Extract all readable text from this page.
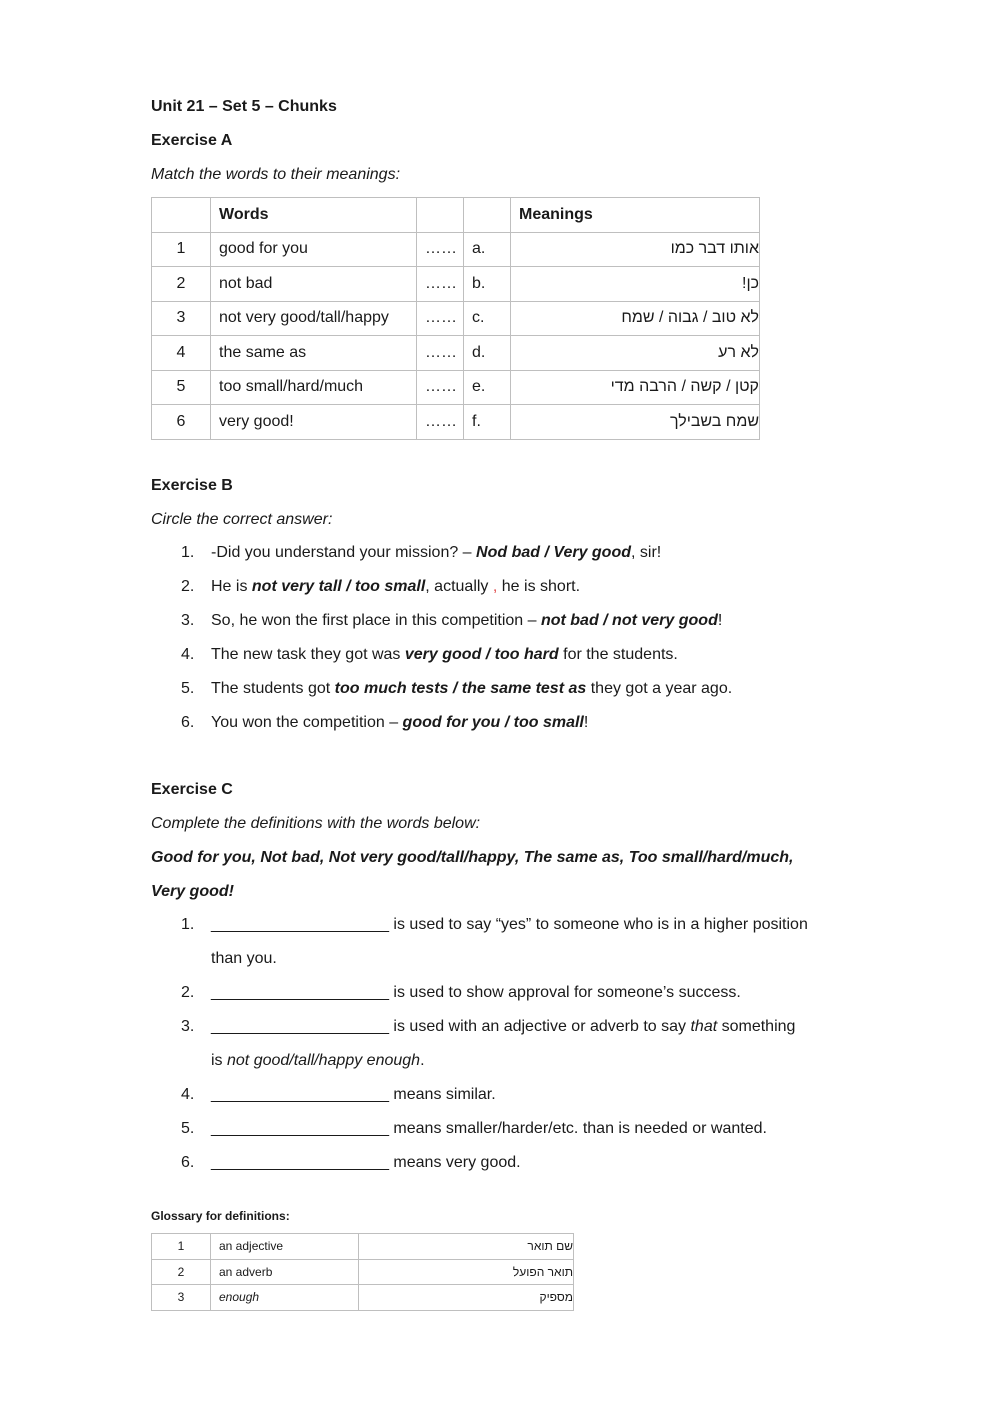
Unit 21 – Set 5 – Chunks
Exercise A
Match the words to their meanings:
	Words			Meanings
1	good for you	……	a.	אותו דבר כמו
2	not bad	……	b.	כן!
3	not very good/tall/happy	……	c.	לא טוב / גבוה / שמח
4	the same as	……	d.	לא רע
5	too small/hard/much	……	e.	קטן / קשה / הרבה מדי
6	very good!	……	f.	שמח בשבילך
Exercise B
Circle the correct answer:
1.	-Did you understand your mission? – Nod bad / Very good, sir!
2.	He is not very tall / too small, actually , he is short.
3.	So, he won the first place in this competition – not bad / not very good!
4.	The new task they got was very good / too hard for the students.
5.	The students got too much tests / the same test as they got a year ago.
6.	You won the competition – good for you / too small!
Exercise C
Complete the definitions with the words below:
Good for you, Not bad, Not very good/tall/happy, The same as, Too small/hard/much,
Very good!
1.	____________________ is used to say “yes” to someone who is in a higher position
than you.
2.	____________________ is used to show approval for someone’s success.
3.	____________________ is used with an adjective or adverb to say that something
is not good/tall/happy enough.
4.	____________________ means similar.
5.	____________________ means smaller/harder/etc. than is needed or wanted.
6.	____________________ means very good.
Glossary for definitions:
1	an adjective	שם תואר
2	an adverb	תואר הפועל
3	enough	מספיק
